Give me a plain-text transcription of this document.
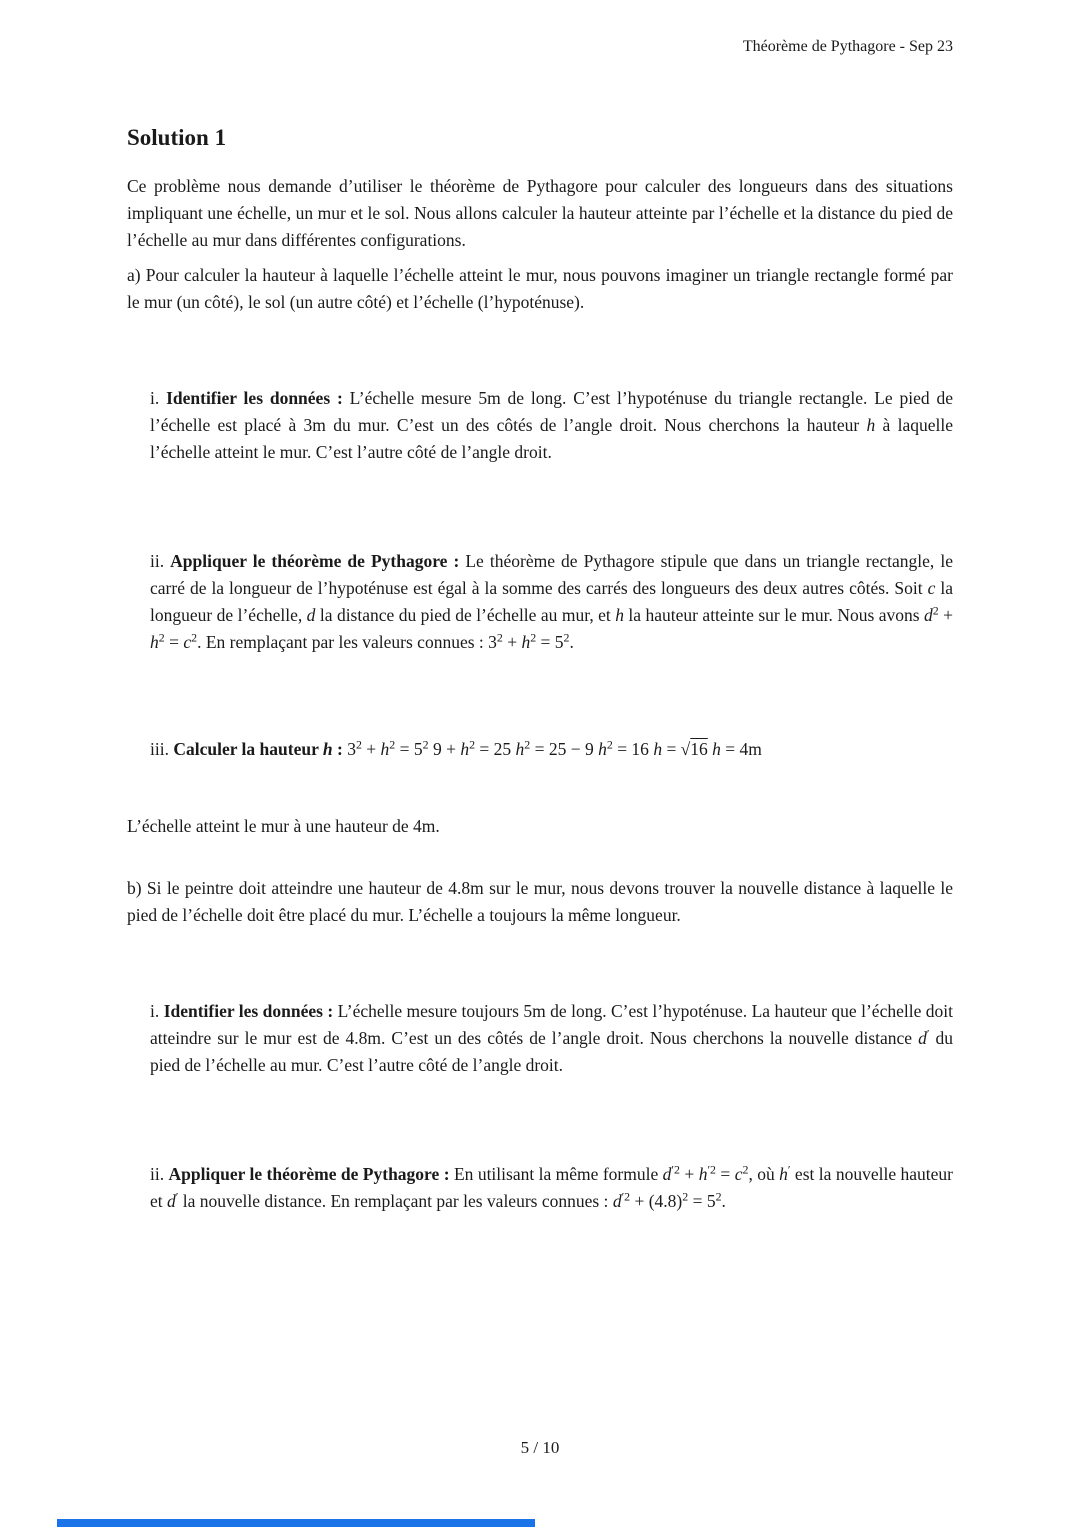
Théorème de Pythagore - Sep 23
Solution 1
Ce problème nous demande d’utiliser le théorème de Pythagore pour calculer des longueurs dans des situations impliquant une échelle, un mur et le sol. Nous allons calculer la hauteur atteinte par l’échelle et la distance du pied de l’échelle au mur dans différentes configurations.
a) Pour calculer la hauteur à laquelle l’échelle atteint le mur, nous pouvons imaginer un triangle rectangle formé par le mur (un côté), le sol (un autre côté) et l’échelle (l’hypoténuse).
i. Identifier les données : L’échelle mesure 5m de long. C’est l’hypoténuse du triangle rectangle. Le pied de l’échelle est placé à 3m du mur. C’est un des côtés de l’angle droit. Nous cherchons la hauteur h à laquelle l’échelle atteint le mur. C’est l’autre côté de l’angle droit.
ii. Appliquer le théorème de Pythagore : Le théorème de Pythagore stipule que dans un triangle rectangle, le carré de la longueur de l’hypoténuse est égal à la somme des carrés des longueurs des deux autres côtés. Soit c la longueur de l’échelle, d la distance du pied de l’échelle au mur, et h la hauteur atteinte sur le mur. Nous avons $d^2 + h^2 = c^2$. En remplaçant par les valeurs connues : $3^2 + h^2 = 5^2$.
iii. Calculer la hauteur h : $3^2 + h^2 = 5^2$ $9 + h^2 = 25$ $h^2 = 25 - 9$ $h^2 = 16$ h = √16 h = 4m
L’échelle atteint le mur à une hauteur de 4m.
b) Si le peintre doit atteindre une hauteur de 4.8m sur le mur, nous devons trouver la nouvelle distance à laquelle le pied de l’échelle doit être placé du mur. L’échelle a toujours la même longueur.
i. Identifier les données : L’échelle mesure toujours 5m de long. C’est l’hypoténuse. La hauteur que l’échelle doit atteindre sur le mur est de 4.8m. C’est un des côtés de l’angle droit. Nous cherchons la nouvelle distance d′ du pied de l’échelle au mur. C’est l’autre côté de l’angle droit.
ii. Appliquer le théorème de Pythagore : En utilisant la même formule $d^{'2} + h^{'2} = c^2$, où h′ est la nouvelle hauteur et d′ la nouvelle distance. En remplaçant par les valeurs connues : $d^{'2} + (4.8)^2 = 5^2$.
5 / 10
